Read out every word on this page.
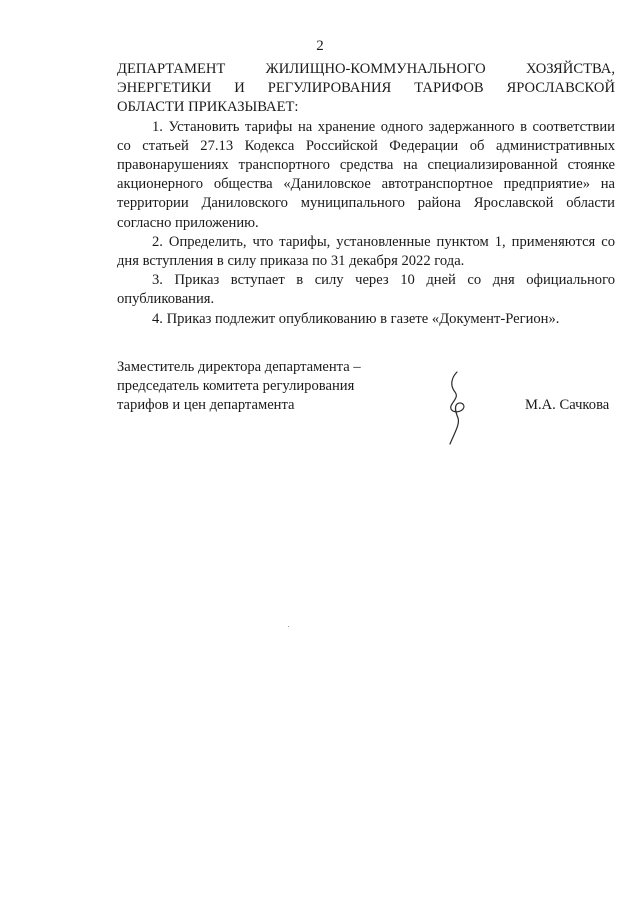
2

ДЕПАРТАМЕНТ ЖИЛИЩНО-КОММУНАЛЬНОГО ХОЗЯЙСТВА,
ЭНЕРГЕТИКИ И РЕГУЛИРОВАНИЯ ТАРИФОВ ЯРОСЛАВСКОЙ
ОБЛАСТИ ПРИКАЗЫВАЕТ:

1. Установить тарифы на хранение одного задержанного в соответствии со статьей 27.13 Кодекса Российской Федерации об административных правонарушениях транспортного средства на специализированной стоянке акционерного общества «Даниловское автотранспортное предприятие» на территории Даниловского муниципального района Ярославской области согласно приложению.

2. Определить, что тарифы, установленные пунктом 1, применяются со дня вступления в силу приказа по 31 декабря 2022 года.

3. Приказ вступает в силу через 10 дней со дня официального опубликования.

4. Приказ подлежит опубликованию в газете «Документ-Регион».

Заместитель директора департамента –
председатель комитета регулирования
тарифов и цен департамента	М.А. Сачкова
